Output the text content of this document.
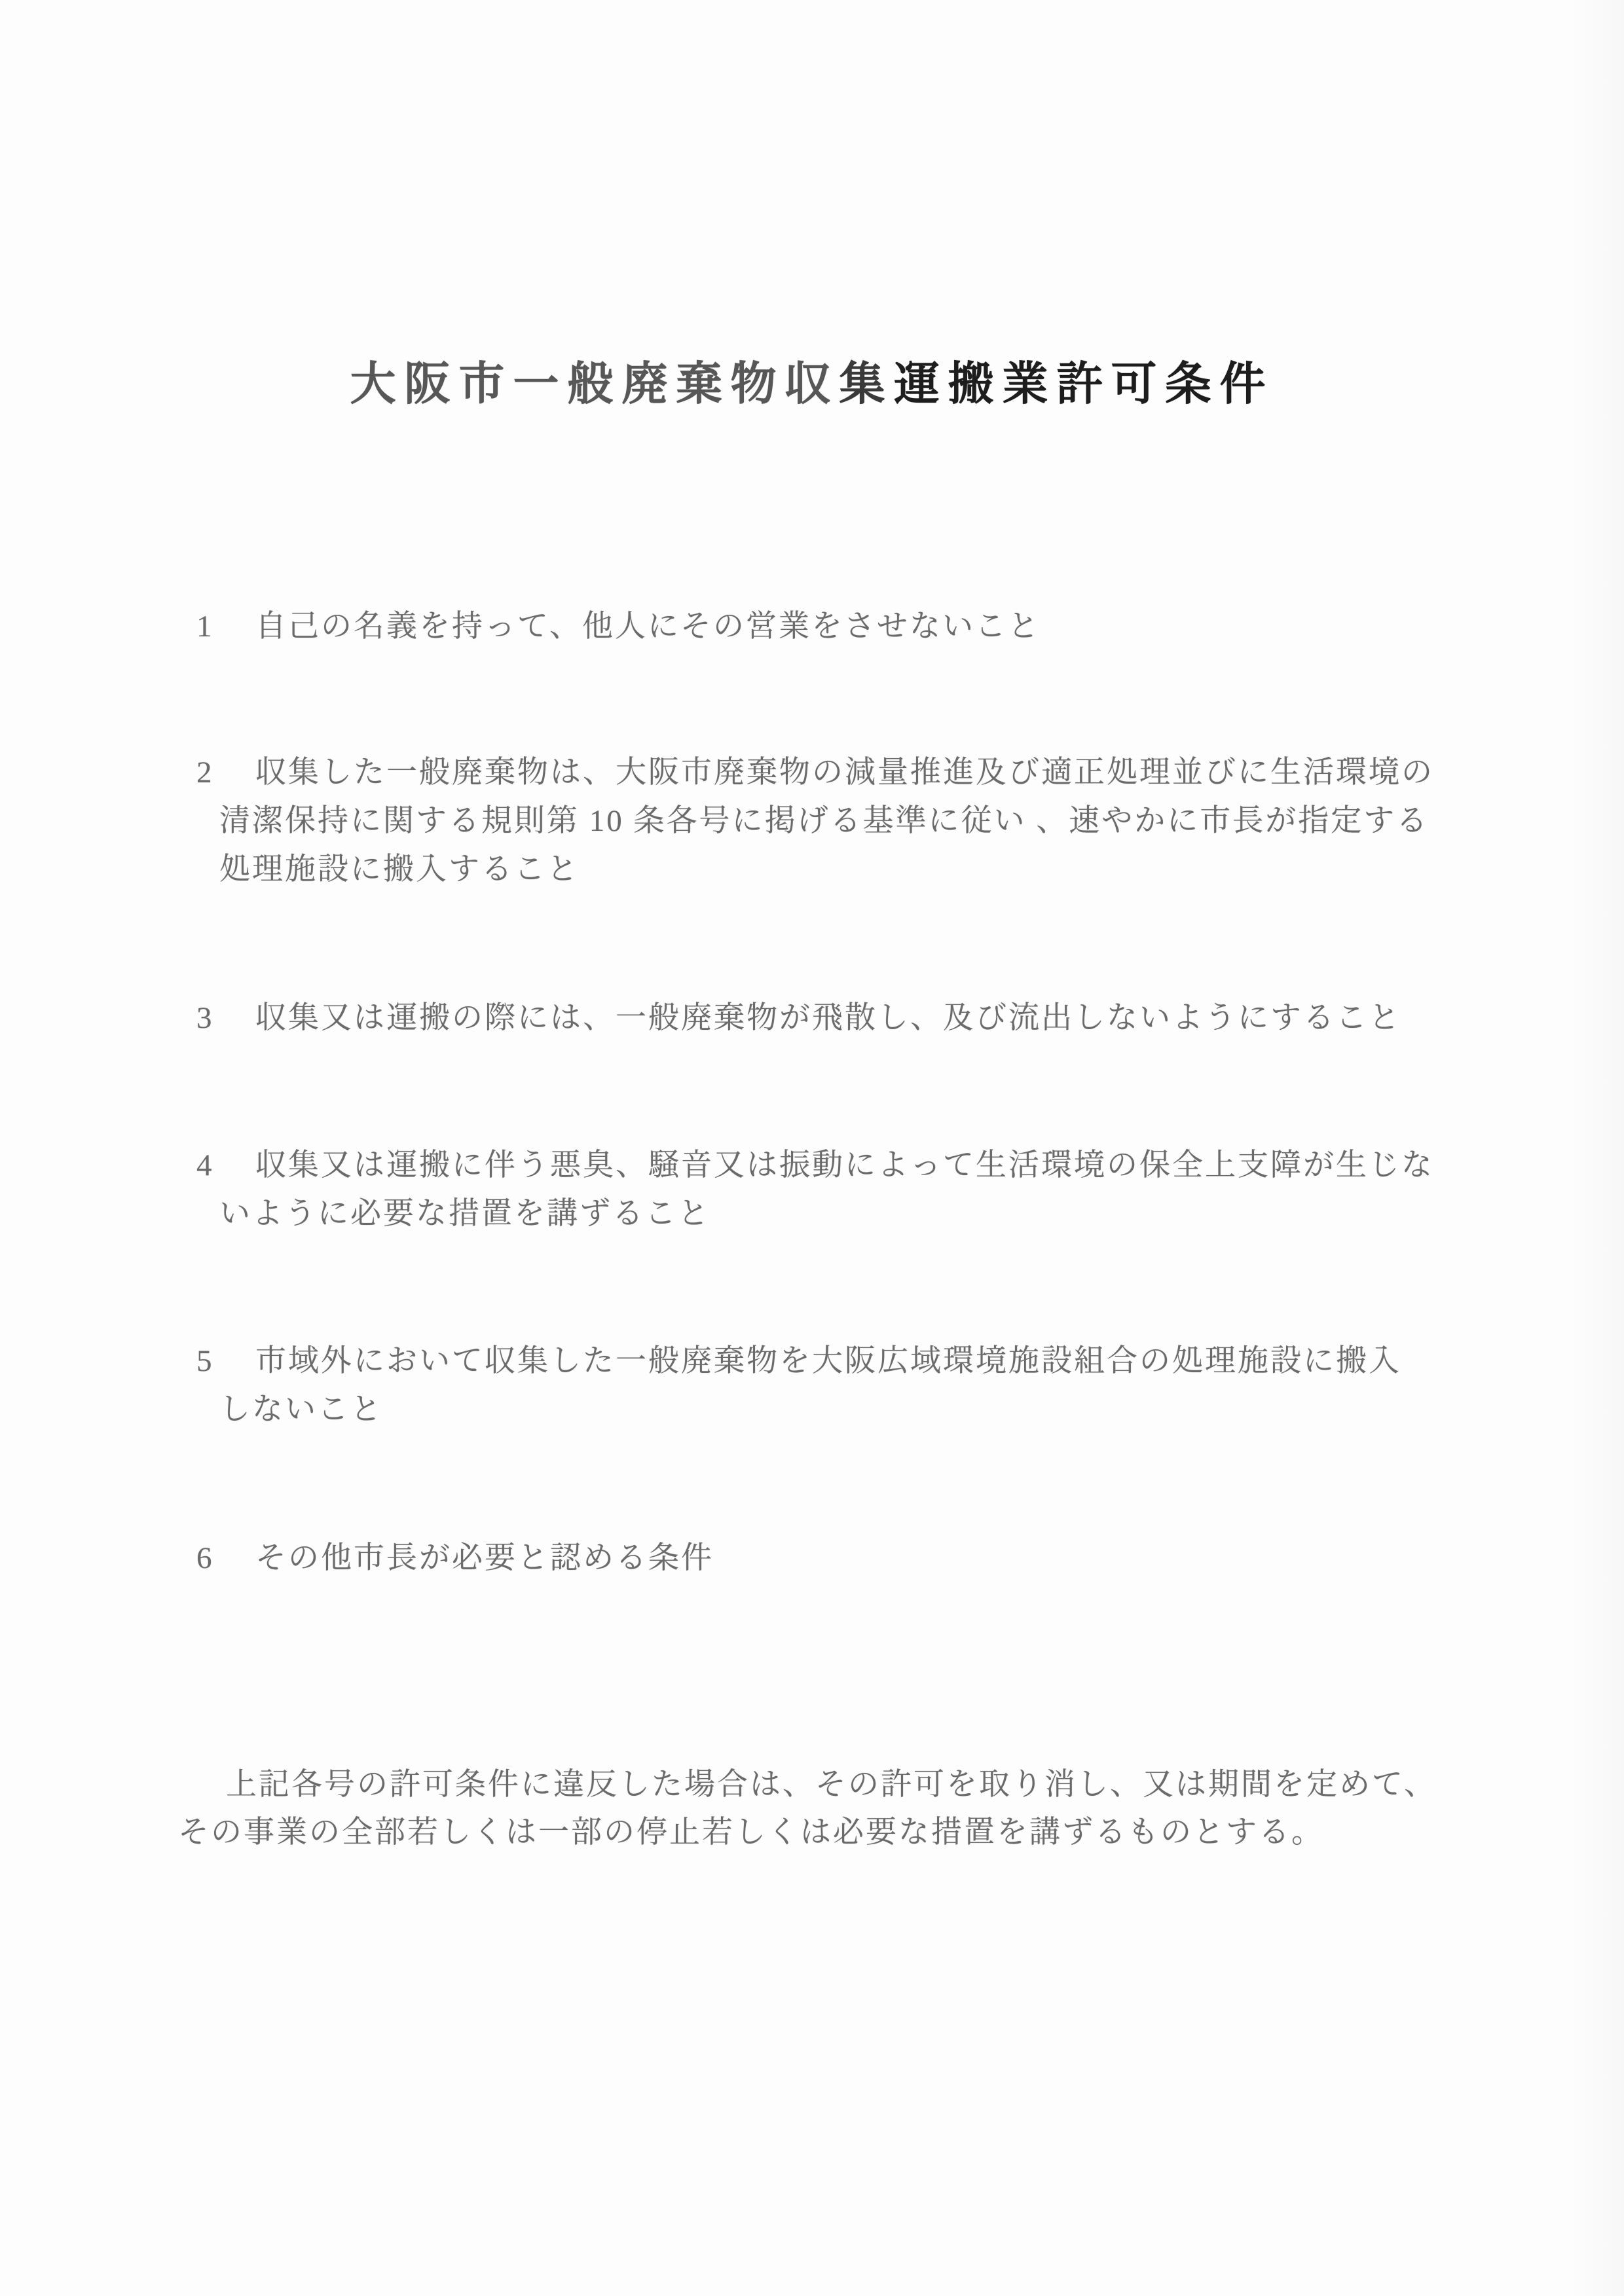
大阪市一般廃棄物収集運搬業許可条件
1	自己の名義を持って、他人にその営業をさせないこと
2	収集した一般廃棄物は、大阪市廃棄物の減量推進及び適正処理並びに生活環境の
清潔保持に関する規則第 10 条各号に掲げる基準に従い 、速やかに市長が指定する
処理施設に搬入すること
3	収集又は運搬の際には、一般廃棄物が飛散し、及び流出しないようにすること
4	収集又は運搬に伴う悪臭、騒音又は振動によって生活環境の保全上支障が生じな
いように必要な措置を講ずること
5	市域外において収集した一般廃棄物を大阪広域環境施設組合の処理施設に搬入
しないこと
6	その他市長が必要と認める条件

上記各号の許可条件に違反した場合は、その許可を取り消し、又は期間を定めて、
その事業の全部若しくは一部の停止若しくは必要な措置を講ずるものとする。
